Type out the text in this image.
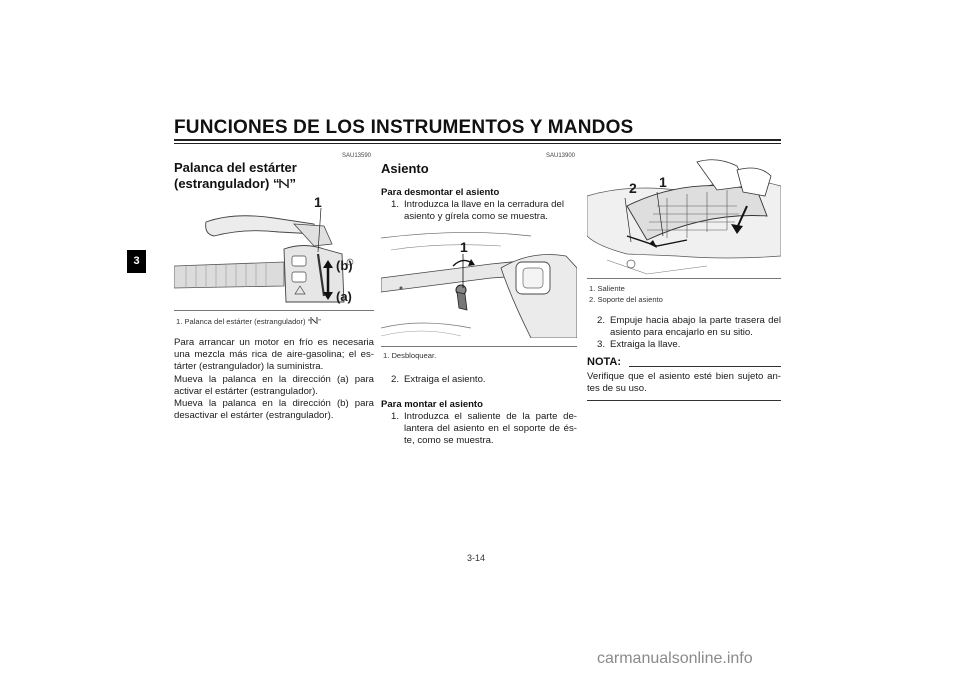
FUNCIONES DE LOS INSTRUMENTOS Y MANDOS
3
SAU13590
Palanca del estárter
(estrangulador) “ ”
1
(b)
(a)
1. Palanca del estárter (estrangulador) “ ”
Para arrancar un motor en frío es necesaria una mezcla más rica de aire-gasolina; el es-tárter (estrangulador) la suministra.
Mueva la palanca en la dirección (a) para activar el estárter (estrangulador).
Mueva la palanca en la dirección (b) para desactivar el estárter (estrangulador).
SAU13900
Asiento
Para desmontar el asiento
1. Introduzca la llave en la cerradura del asiento y gírela como se muestra.
1
1. Desbloquear.
2. Extraiga el asiento.
Para montar el asiento
1. Introduzca el saliente de la parte de-lantera del asiento en el soporte de és-te, como se muestra.
2 1
1. Saliente
2. Soporte del asiento
2. Empuje hacia abajo la parte trasera del asiento para encajarlo en su sitio.
3. Extraiga la llave.
NOTA:
Verifique que el asiento esté bien sujeto an-tes de su uso.
3-14
carmanualsonline.info
